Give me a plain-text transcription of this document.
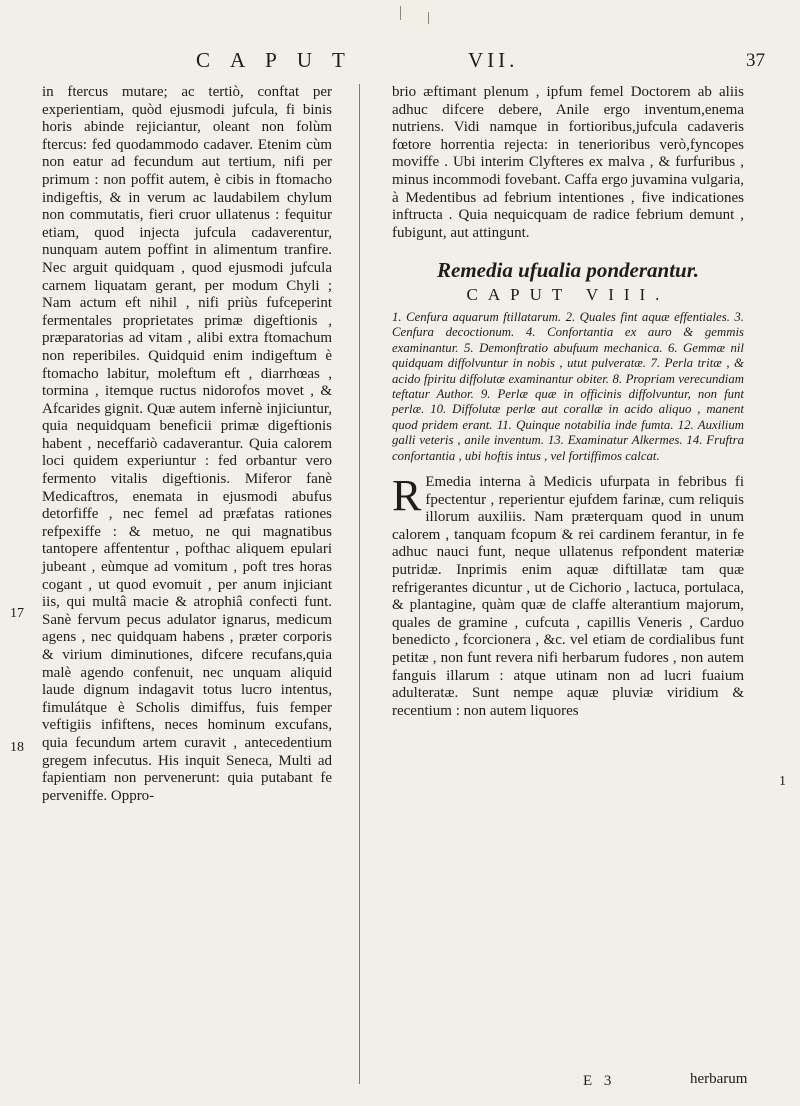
CAPUT	VII.	37
17
18
1

in ftercus mutare; ac tertiò, conftat per experientiam, quòd ejusmodi jufcula, fi binis horis abinde rejiciantur, oleant non folùm ftercus: fed quodammodo cadaver. Etenim cùm non eatur ad fecundum aut tertium, nifi per primum : non poffit autem, è cibis in ftomacho indigeftis, & in verum ac laudabilem chylum non commutatis, fieri cruor ullatenus : fequitur etiam, quod injecta jufcula cadaverentur, nunquam autem poffint in alimentum tranfire. Nec arguit quidquam , quod ejusmodi jufcula carnem liquatam gerant, per modum Chyli ; Nam actum eft nihil , nifi priùs fufceperint fermentales proprietates primæ digeftionis , præparatorias ad vitam , alibi extra ftomachum non reperibiles. Quidquid enim indigeftum è ftomacho labitur, moleftum eft , diarrhœas , tormina , itemque ructus nidorofos movet , & Afcarides gignit. Quæ autem infernè injiciuntur, quia nequidquam beneficii primæ digeftionis habent , neceffariò cadaverantur. Quia calorem loci quidem experiuntur : fed orbantur vero fermento vitalis digeftionis. Miferor fanè Medicaftros, enemata in ejusmodi abufus detorfiffe , nec femel ad præfatas rationes refpexiffe : & metuo, ne qui magnatibus tantopere affententur , pofthac aliquem epulari jubeant , eùmque ad vomitum , poft tres horas cogant , ut quod evomuit , per anum injiciant iis, qui multâ macie & atrophiâ confecti funt. Sanè fervum pecus adulator ignarus, medicum agens , nec quidquam habens , præter corporis & virium diminutiones, difcere recufans,quia malè agendo confenuit, nec unquam aliquid laude dignum indagavit totus lucro intentus, fimulátque è Scholis dimiffus, fuis femper veftigiis infiftens, neces hominum excufans, quia fecundum artem curavit , antecedentium gregem infecutus. His inquit Seneca, Multi ad fapientiam non pervenerunt: quia putabant fe perveniffe. Oppro-

brio æftimant plenum , ipfum femel Doctorem ab aliis adhuc difcere debere, Anile ergo inventum,enema nutriens. Vidi namque in fortioribus,jufcula cadaveris fœtore horrentia rejecta: in tenerioribus verò,fyncopes moviffe . Ubi interim Clyfteres ex malva , & furfuribus , minus incommodi fovebant. Caffa ergo juvamina vulgaria, à Medentibus ad febrium intentiones , five indicationes inftructa . Quia nequicquam de radice febrium demunt , fubigunt, aut attingunt.

Remedia ufualia ponderantur.
CAPUT VIII.

1. Cenfura aquarum ftillatarum. 2. Quales fint aquæ effentiales. 3. Cenfura decoctionum. 4. Confortantia ex auro & gemmis examinantur. 5. Demonftratio abufuum mechanica. 6. Gemmæ nil quidquam diffolvuntur in nobis , utut pulveratæ. 7. Perla tritæ , & acido fpiritu diffolutæ examinantur obiter. 8. Propriam verecundiam teftatur Author. 9. Perlæ quæ in officinis diffolvuntur, non funt perlæ. 10. Diffolutæ perlæ aut corallæ in acido aliquo , manent quod pridem erant. 11. Quinque notabilia inde fumta. 12. Auxilium galli veteris , anile inventum. 13. Examinatur Alkermes. 14. Fruftra confortantia , ubi hoftis intus , vel fortiffimos calcat.

R Emedia interna à Medicis ufurpata in febribus fi fpectentur , reperientur ejufdem farinæ, cum reliquis illorum auxiliis. Nam præterquam quod in unum calorem , tanquam fcopum & rei cardinem ferantur, in fe adhuc nauci funt, neque ullatenus refpondent materiæ putridæ. Inprimis enim aquæ diftillatæ tam quæ refrigerantes dicuntur , ut de Cichorio , lactuca, portulaca, & plantagine, quàm quæ de claffe alterantium majorum, quales de gramine , cufcuta , capillis Veneris , Carduo benedicto , fcorcionera , &c. vel etiam de cordialibus funt petitæ , non funt revera nifi herbarum fudores , non autem fanguis illarum : atque utinam non ad lucri fuaium adulteratæ. Sunt nempe aquæ pluviæ viridium & recentium : non autem liquores

E 3	herbarum
